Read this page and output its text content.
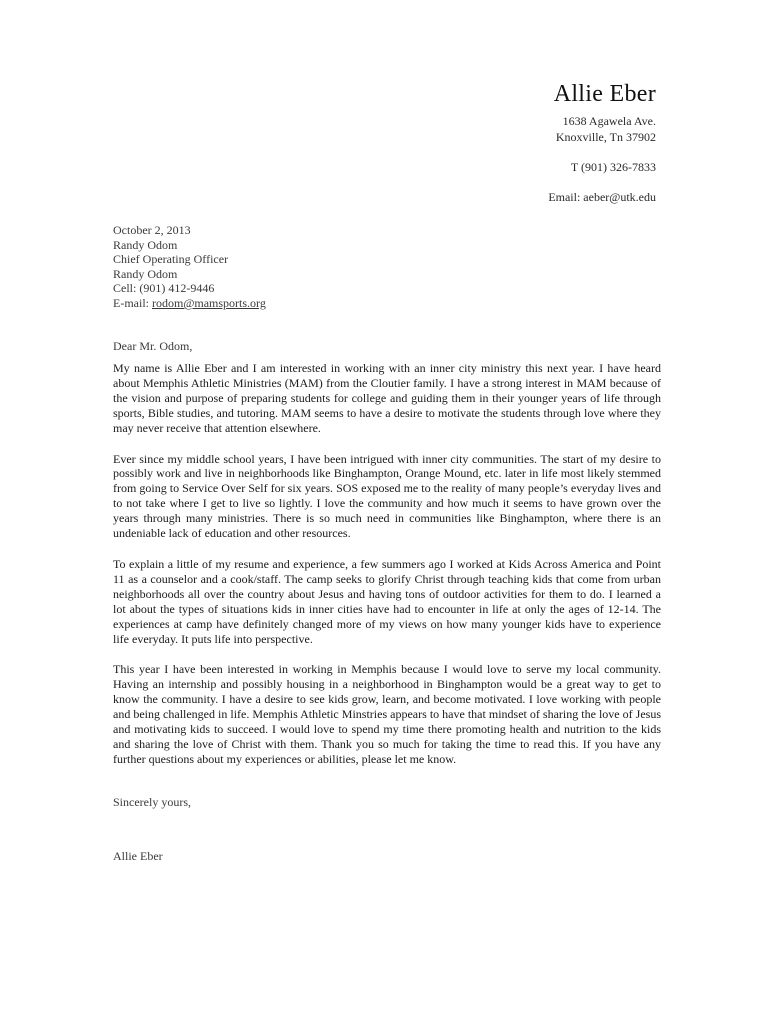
Allie Eber
1638 Agawela Ave.
Knoxville, Tn 37902
T (901) 326-7833
Email: aeber@utk.edu
October 2, 2013
Randy Odom
Chief Operating Officer
Randy Odom
Cell: (901) 412-9446
E-mail: rodom@mamsports.org
Dear Mr. Odom,

My name is Allie Eber and I am interested in working with an inner city ministry this next year. I have heard about Memphis Athletic Ministries (MAM) from the Cloutier family. I have a strong interest in MAM because of the vision and purpose of preparing students for college and guiding them in their younger years of life through sports, Bible studies, and tutoring. MAM seems to have a desire to motivate the students through love where they may never receive that attention elsewhere.

Ever since my middle school years, I have been intrigued with inner city communities. The start of my desire to possibly work and live in neighborhoods like Binghampton, Orange Mound, etc. later in life most likely stemmed from going to Service Over Self for six years. SOS exposed me to the reality of many people’s everyday lives and to not take where I get to live so lightly. I love the community and how much it seems to have grown over the years through many ministries. There is so much need in communities like Binghampton, where there is an undeniable lack of education and other resources.

To explain a little of my resume and experience, a few summers ago I worked at Kids Across America and Point 11 as a counselor and a cook/staff. The camp seeks to glorify Christ through teaching kids that come from urban neighborhoods all over the country about Jesus and having tons of outdoor activities for them to do. I learned a lot about the types of situations kids in inner cities have had to encounter in life at only the ages of 12-14. The experiences at camp have definitely changed more of my views on how many younger kids have to experience life everyday. It puts life into perspective.

This year I have been interested in working in Memphis because I would love to serve my local community. Having an internship and possibly housing in a neighborhood in Binghampton would be a great way to get to know the community. I have a desire to see kids grow, learn, and become motivated. I love working with people and being challenged in life. Memphis Athletic Minstries appears to have that mindset of sharing the love of Jesus and motivating kids to succeed. I would love to spend my time there promoting health and nutrition to the kids and sharing the love of Christ with them. Thank you so much for taking the time to read this. If you have any further questions about my experiences or abilities, please let me know.

Sincerely yours,
Allie Eber
